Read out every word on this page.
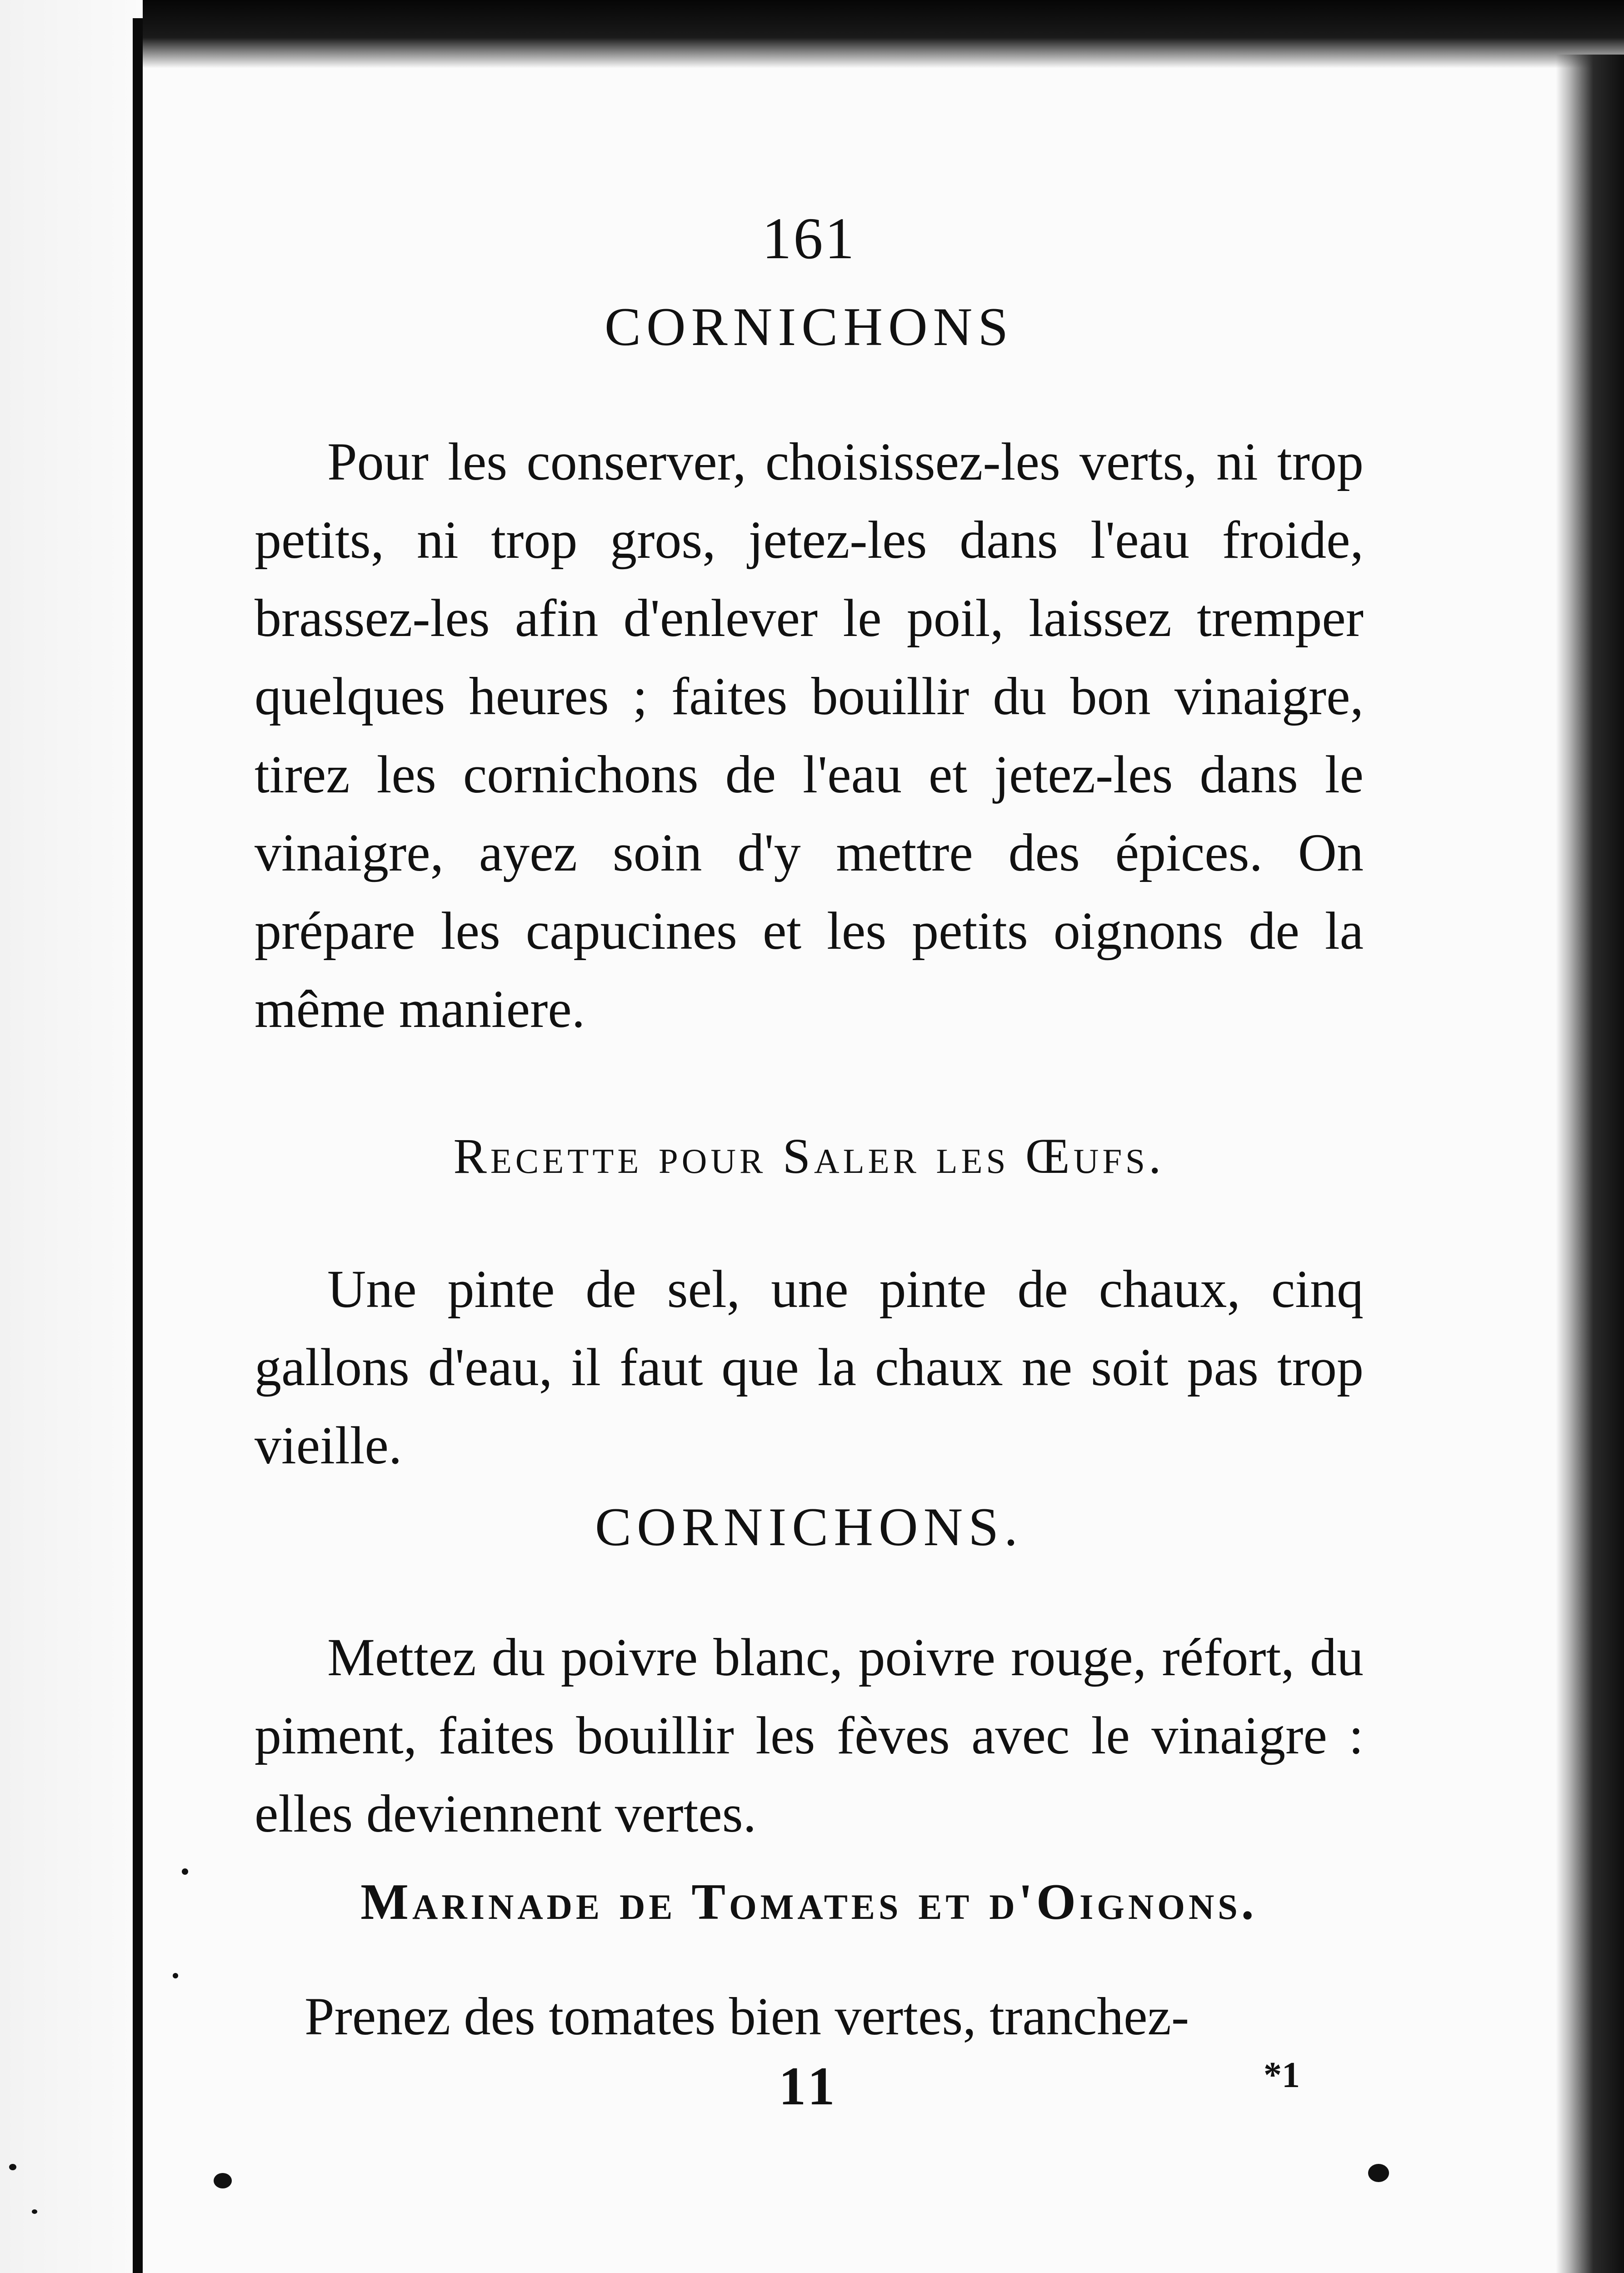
161
CORNICHONS
Pour les conserver, choisissez-les verts, ni trop petits, ni trop gros, jetez-les dans l'eau froide, brassez-les afin d'enlever le poil, laissez tremper quelques heures ; faites bouillir du bon vinaigre, tirez les cornichons de l'eau et jetez-les dans le vinaigre, ayez soin d'y mettre des épices. On prépare les capucines et les petits oignons de la même maniere.
Recette pour Saler les Œufs.
Une pinte de sel, une pinte de chaux, cinq gallons d'eau, il faut que la chaux ne soit pas trop vieille.
CORNICHONS.
Mettez du poivre blanc, poivre rouge, réfort, du piment, faites bouillir les fèves avec le vinaigre : elles deviennent vertes.
Marinade de Tomates et d'Oignons.
Prenez des tomates bien vertes, tranchez-
11	*1
